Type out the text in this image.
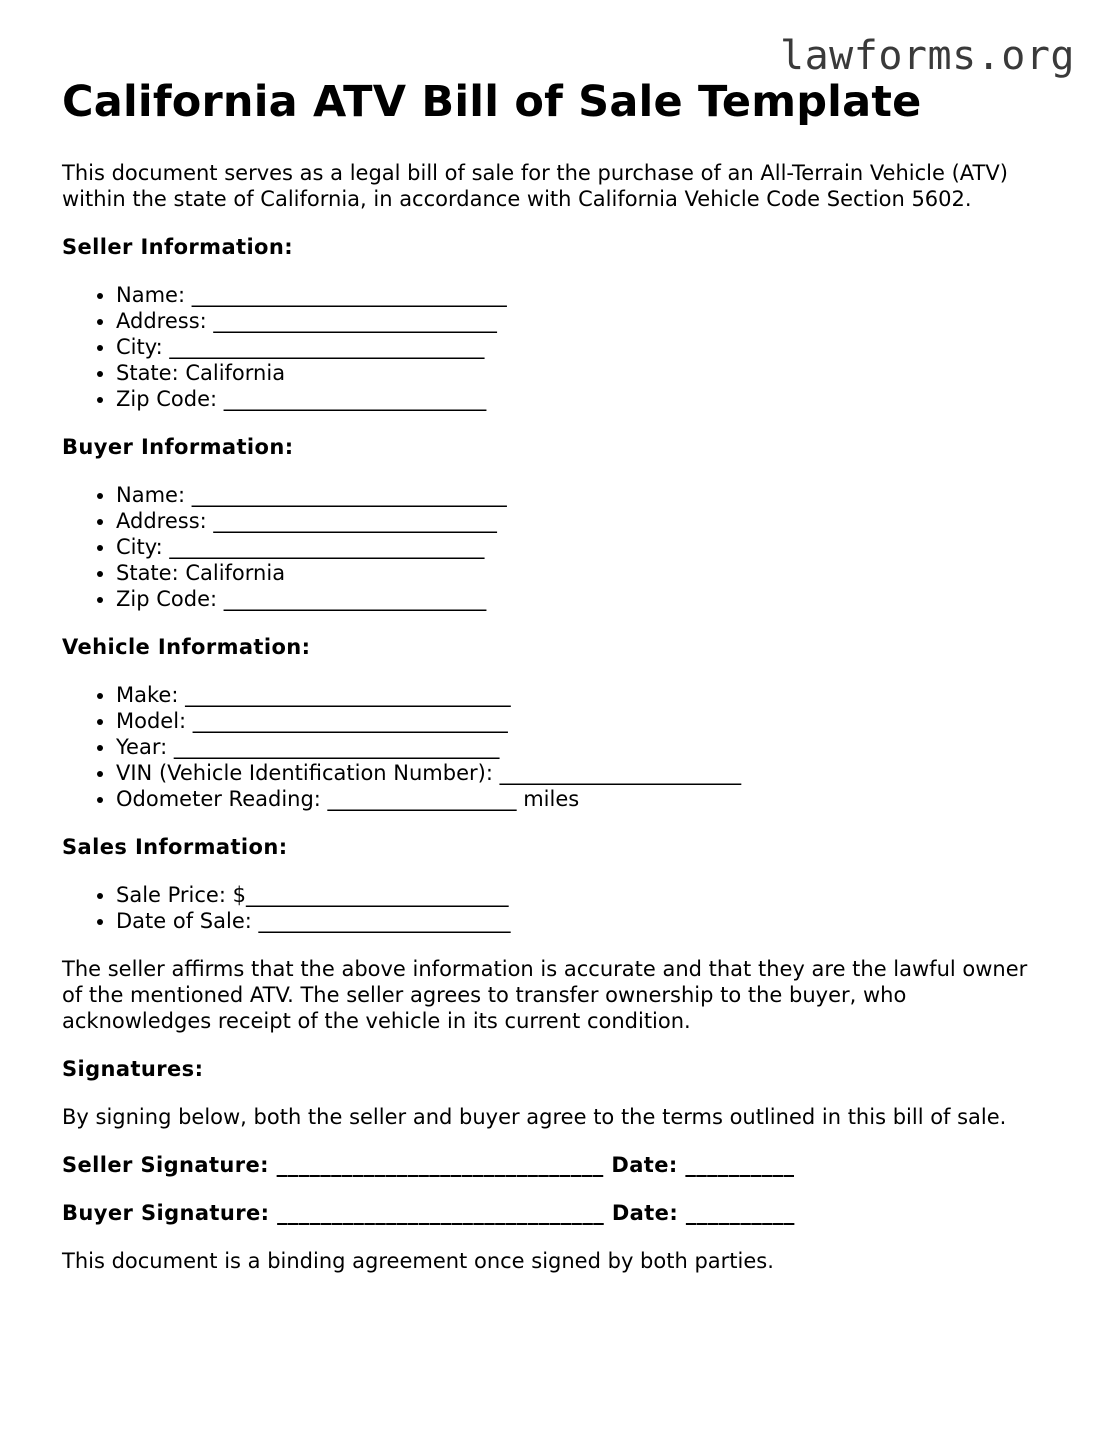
lawforms.org
California ATV Bill of Sale Template

This document serves as a legal bill of sale for the purchase of an All-Terrain Vehicle (ATV) within the state of California, in accordance with California Vehicle Code Section 5602.

Seller Information:
• Name: ______________________________
• Address: ___________________________
• City: ______________________________
• State: California
• Zip Code: _________________________
Buyer Information:
• Name: ______________________________
• Address: ___________________________
• City: ______________________________
• State: California
• Zip Code: _________________________
Vehicle Information:
• Make: _______________________________
• Model: ______________________________
• Year: _______________________________
• VIN (Vehicle Identification Number): _______________________
• Odometer Reading: __________________ miles
Sales Information:
• Sale Price: $_________________________
• Date of Sale: ________________________

The seller affirms that the above information is accurate and that they are the lawful owner of the mentioned ATV. The seller agrees to transfer ownership to the buyer, who acknowledges receipt of the vehicle in its current condition.

Signatures:

By signing below, both the seller and buyer agree to the terms outlined in this bill of sale.

Seller Signature: ______________________________ Date: __________
Buyer Signature: ______________________________ Date: __________

This document is a binding agreement once signed by both parties.
